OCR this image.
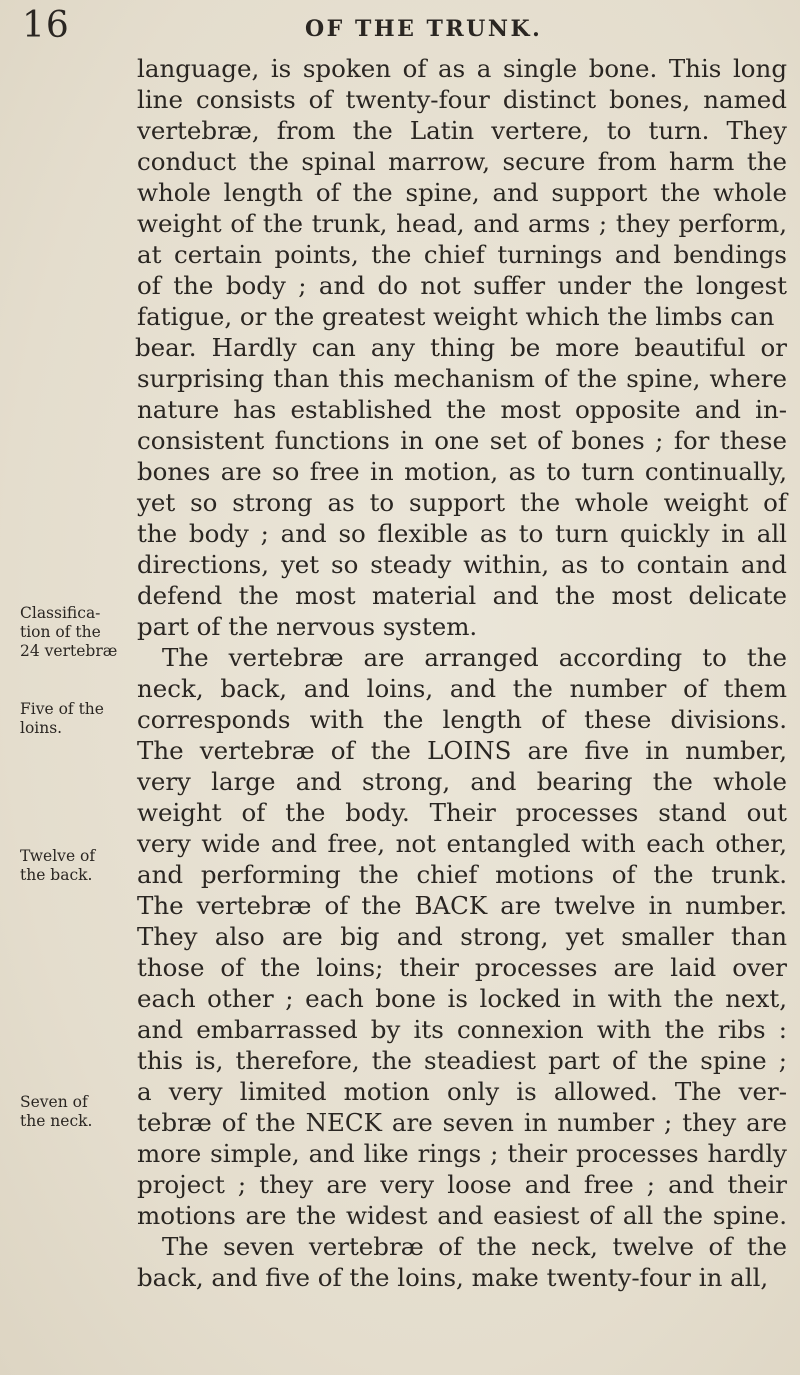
16	OF THE TRUNK.
Classifica-
tion of the
24 vertebræ
Five of the
loins.
Twelve of
the back.
Seven of
the neck.
language, is spoken of as a single bone. This long
line consists of twenty-four distinct bones, named
vertebræ, from the Latin vertere, to turn. They
conduct the spinal marrow, secure from harm the
whole length of the spine, and support the whole
weight of the trunk, head, and arms ; they perform,
at certain points, the chief turnings and bendings
of the body ; and do not suffer under the longest
fatigue, or the greatest weight which the limbs can
bear. Hardly can any thing be more beautiful or
surprising than this mechanism of the spine, where
nature has established the most opposite and in-
consistent functions in one set of bones ; for these
bones are so free in motion, as to turn continually,
yet so strong as to support the whole weight of
the body ; and so flexible as to turn quickly in all
directions, yet so steady within, as to contain and
defend the most material and the most delicate
part of the nervous system.
The vertebræ are arranged according to the
neck, back, and loins, and the number of them
corresponds with the length of these divisions.
The vertebræ of the LOINS are five in number,
very large and strong, and bearing the whole
weight of the body. Their processes stand out
very wide and free, not entangled with each other,
and performing the chief motions of the trunk.
The vertebræ of the BACK are twelve in number.
They also are big and strong, yet smaller than
those of the loins; their processes are laid over
each other ; each bone is locked in with the next,
and embarrassed by its connexion with the ribs :
this is, therefore, the steadiest part of the spine ;
a very limited motion only is allowed. The ver-
tebræ of the NECK are seven in number ; they are
more simple, and like rings ; their processes hardly
project ; they are very loose and free ; and their
motions are the widest and easiest of all the spine.
The seven vertebræ of the neck, twelve of the
back, and five of the loins, make twenty-four in all,
